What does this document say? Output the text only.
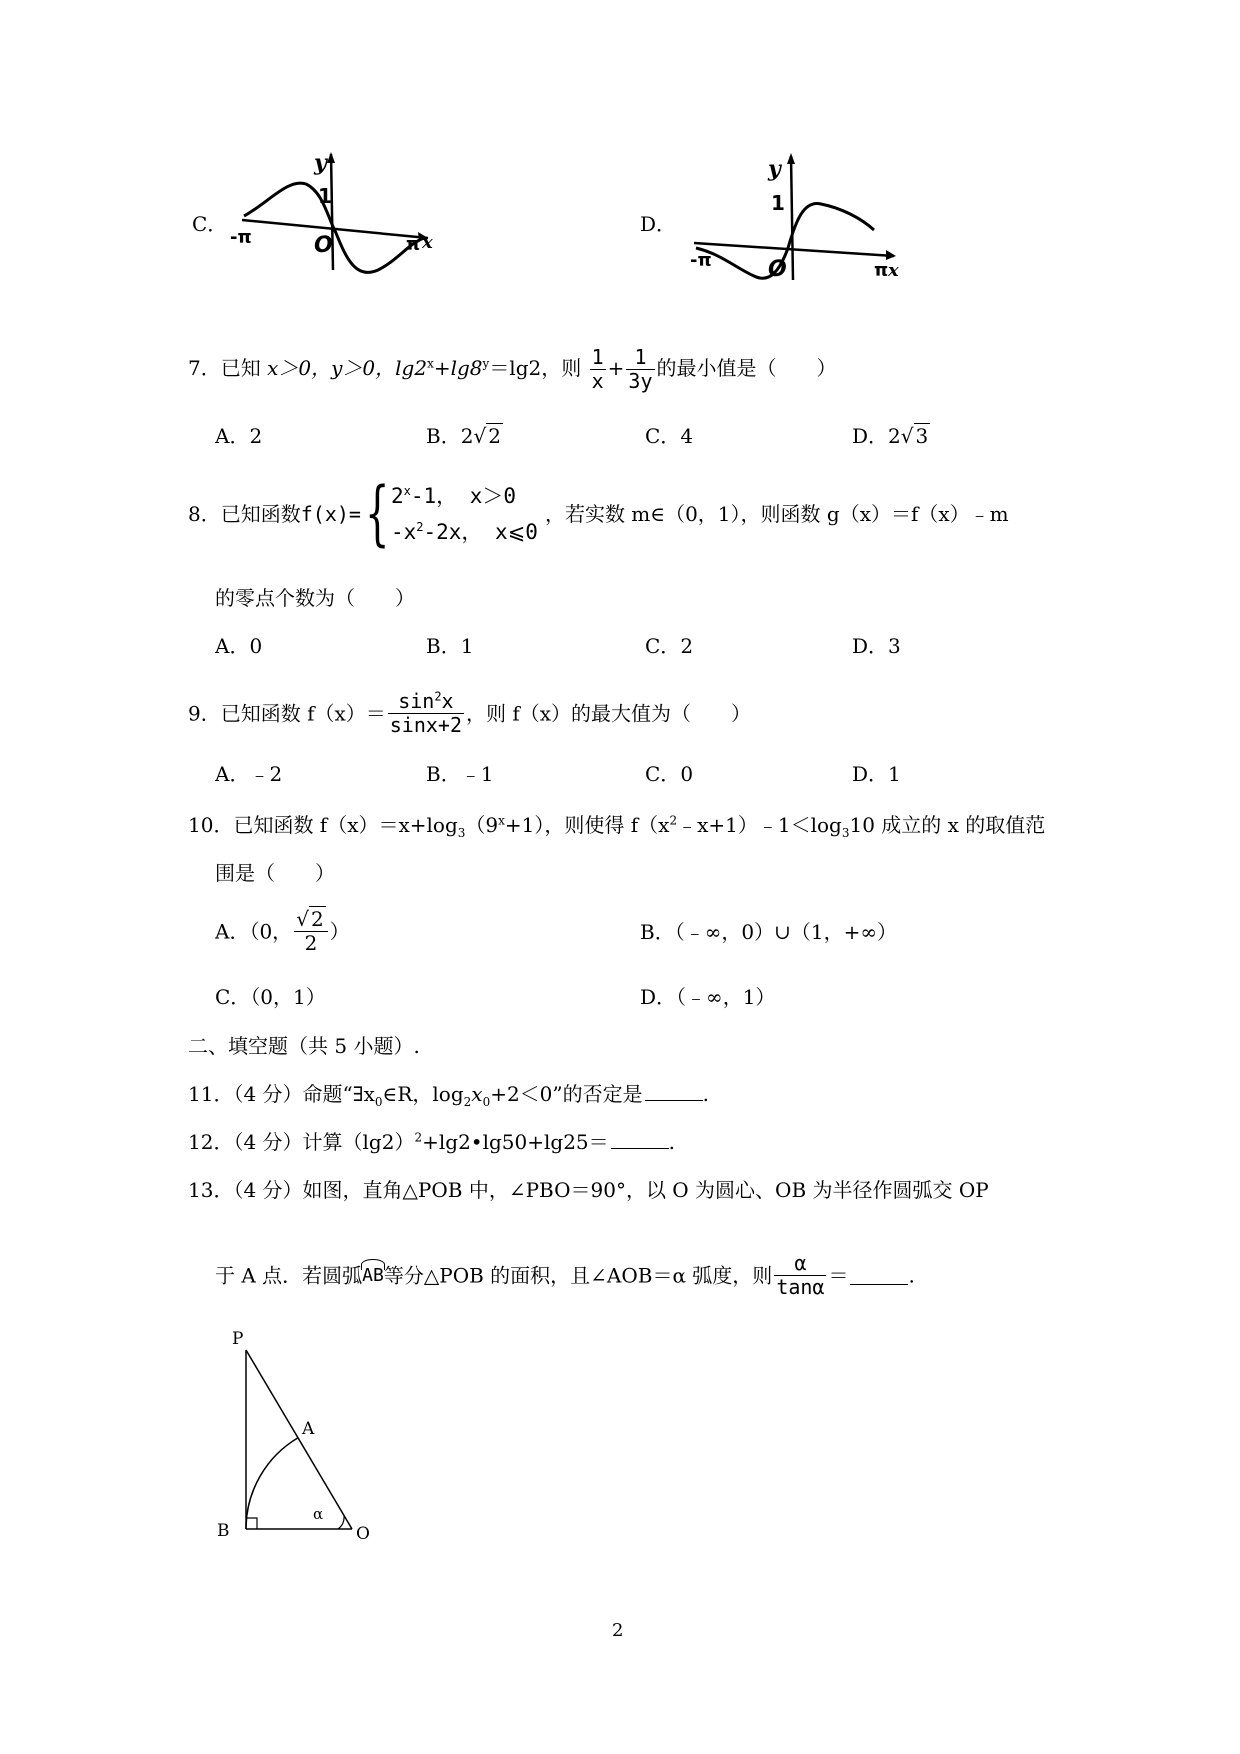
C．
y
1
O
-π	π x
D．
y
1
O
-π	π x
7．已知 x＞0，y＞0，$\lg 2^x+\lg 8^y=\lg 2$，则 $\frac{1}{x} + \frac{1}{3y}$ 的最小值是（　　）
A．2	B．2√ 2	C．4	D．2√ 3
8．已知函数f(x)= { 2$^x$-1， x＞0
$-x^2-2x$， x⩽0
，若实数 m∈（0，1），则函数 g（x）＝f（x）﹣m
的零点个数为（　　）
A．0	B．1	C．2	D．3
9．已知函数 $f(x)= \frac{\sin^2x}{\sin x+2}$ ，则 f（x）的最大值为（　　）
A．﹣2	B．﹣1	C．0	D．1
10．已知函数 $f(x)=x+\log_3(9^x+1)$，则使得 $f(x^2﹣x+1)﹣1<\log_310$ 成立的 x 的取值范
围是（　　）
A．（0， $\frac{√ 2}{2}$ ）	B．（﹣∞，0）∪（1，+∞）
C．（0，1）	D．（﹣∞，1）
二、填空题（共 5 小题）.
11．（4 分）命题“$\exists x_0\in R$，$\log_2x_0+2<0$”的否定是	.
12．（4 分）计算$(\lg 2)^2+\lg 2•\lg 50+\lg 25=$	.
13．（4 分）如图，直角△POB 中，∠PBO＝90°，以 O 为圆心、OB 为半径作圆弧交 OP
于 A 点．若圆弧AB等分△POB 的面积，且∠AOB＝α 弧度，则 $\frac{\alpha}{\tan\alpha}$ ＝	.
P
A
B	O
α
2
